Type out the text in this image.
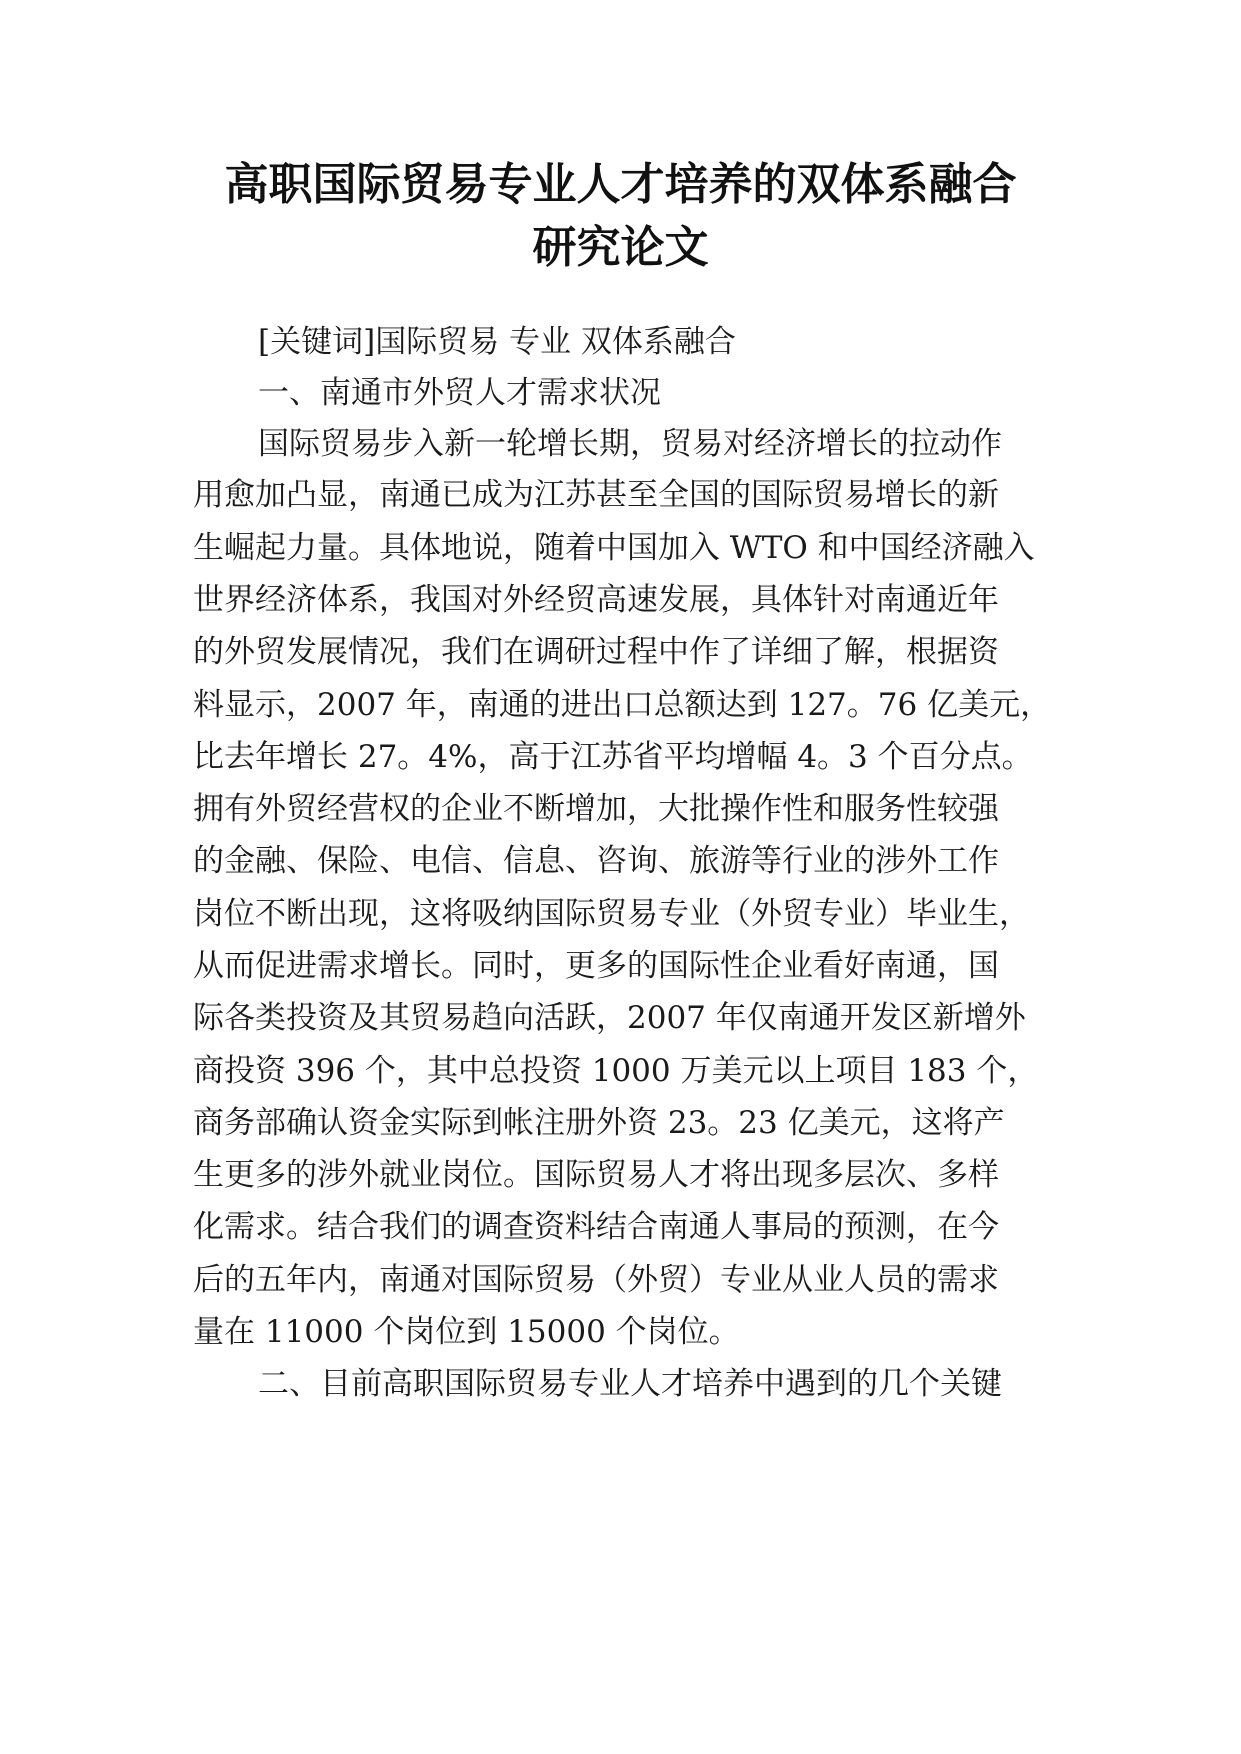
高职国际贸易专业人才培养的双体系融合
研究论文

[关键词]国际贸易 专业 双体系融合

一、南通市外贸人才需求状况

国际贸易步入新一轮增长期，贸易对经济增长的拉动作

用愈加凸显，南通已成为江苏甚至全国的国际贸易增长的新

生崛起力量。具体地说，随着中国加入 WTO 和中国经济融入

世界经济体系，我国对外经贸高速发展，具体针对南通近年

的外贸发展情况，我们在调研过程中作了详细了解，根据资

料显示，2007 年，南通的进出口总额达到 127。76 亿美元，

比去年增长 27。4%，高于江苏省平均增幅 4。3 个百分点。

拥有外贸经营权的企业不断增加，大批操作性和服务性较强

的金融、保险、电信、信息、咨询、旅游等行业的涉外工作

岗位不断出现，这将吸纳国际贸易专业（外贸专业）毕业生，

从而促进需求增长。同时，更多的国际性企业看好南通，国

际各类投资及其贸易趋向活跃，2007 年仅南通开发区新增外

商投资 396 个，其中总投资 1000 万美元以上项目 183 个，

商务部确认资金实际到帐注册外资 23。23 亿美元，这将产

生更多的涉外就业岗位。国际贸易人才将出现多层次、多样

化需求。结合我们的调查资料结合南通人事局的预测，在今

后的五年内，南通对国际贸易（外贸）专业从业人员的需求

量在 11000 个岗位到 15000 个岗位。

二、目前高职国际贸易专业人才培养中遇到的几个关键
